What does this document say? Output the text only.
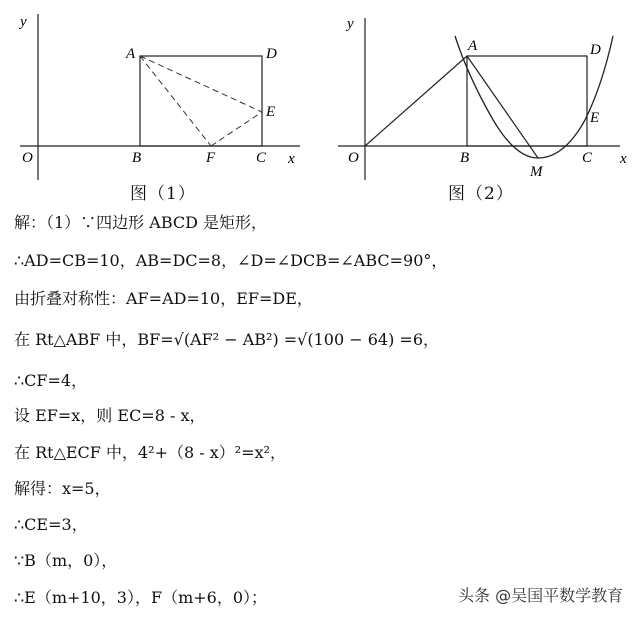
y
x
O
A
B	C
D
E
F
y
x
O
A
B	C
D
E
M
图（1）	图（2）
解：（1）∵四边形 ABCD 是矩形，
∴AD=CB=10，AB=DC=8，∠D=∠DCB=∠ABC=90°，
由折叠对称性：AF=AD=10，EF=DE，
在 Rt△ABF 中，BF=√(AF² − AB²) =√(100 − 64) =6，
∴CF=4，
设 EF=x，则 EC=8 - x，
在 Rt△ECF 中，4²+（8 - x）²=x²，
解得：x=5，
∴CE=3，
∵B（m，0），
∴E（m+10，3），F（m+6，0）；	头条 @吴国平数学教育
